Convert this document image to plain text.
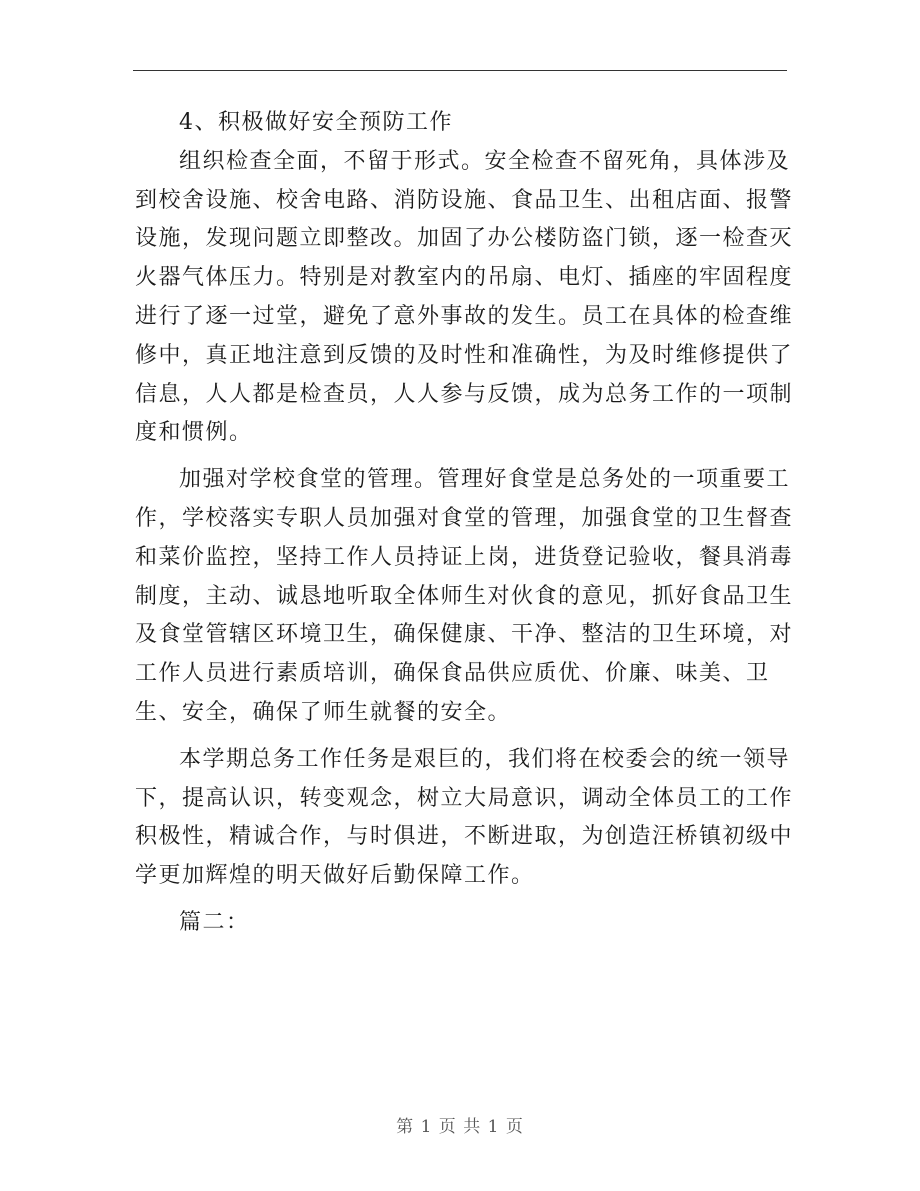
4、积极做好安全预防工作
组织检查全面，不留于形式。安全检查不留死角，具体涉及
到校舍设施、校舍电路、消防设施、食品卫生、出租店面、报警
设施，发现问题立即整改。加固了办公楼防盗门锁，逐一检查灭
火器气体压力。特别是对教室内的吊扇、电灯、插座的牢固程度
进行了逐一过堂，避免了意外事故的发生。员工在具体的检查维
修中，真正地注意到反馈的及时性和准确性，为及时维修提供了
信息，人人都是检查员，人人参与反馈，成为总务工作的一项制
度和惯例。
加强对学校食堂的管理。管理好食堂是总务处的一项重要工
作，学校落实专职人员加强对食堂的管理，加强食堂的卫生督查
和菜价监控，坚持工作人员持证上岗，进货登记验收，餐具消毒
制度，主动、诚恳地听取全体师生对伙食的意见，抓好食品卫生
及食堂管辖区环境卫生，确保健康、干净、整洁的卫生环境，对
工作人员进行素质培训，确保食品供应质优、价廉、味美、卫
生、安全，确保了师生就餐的安全。
本学期总务工作任务是艰巨的，我们将在校委会的统一领导
下，提高认识，转变观念，树立大局意识，调动全体员工的工作
积极性，精诚合作，与时俱进，不断进取，为创造汪桥镇初级中
学更加辉煌的明天做好后勤保障工作。
篇二：
第 1 页 共 1 页
